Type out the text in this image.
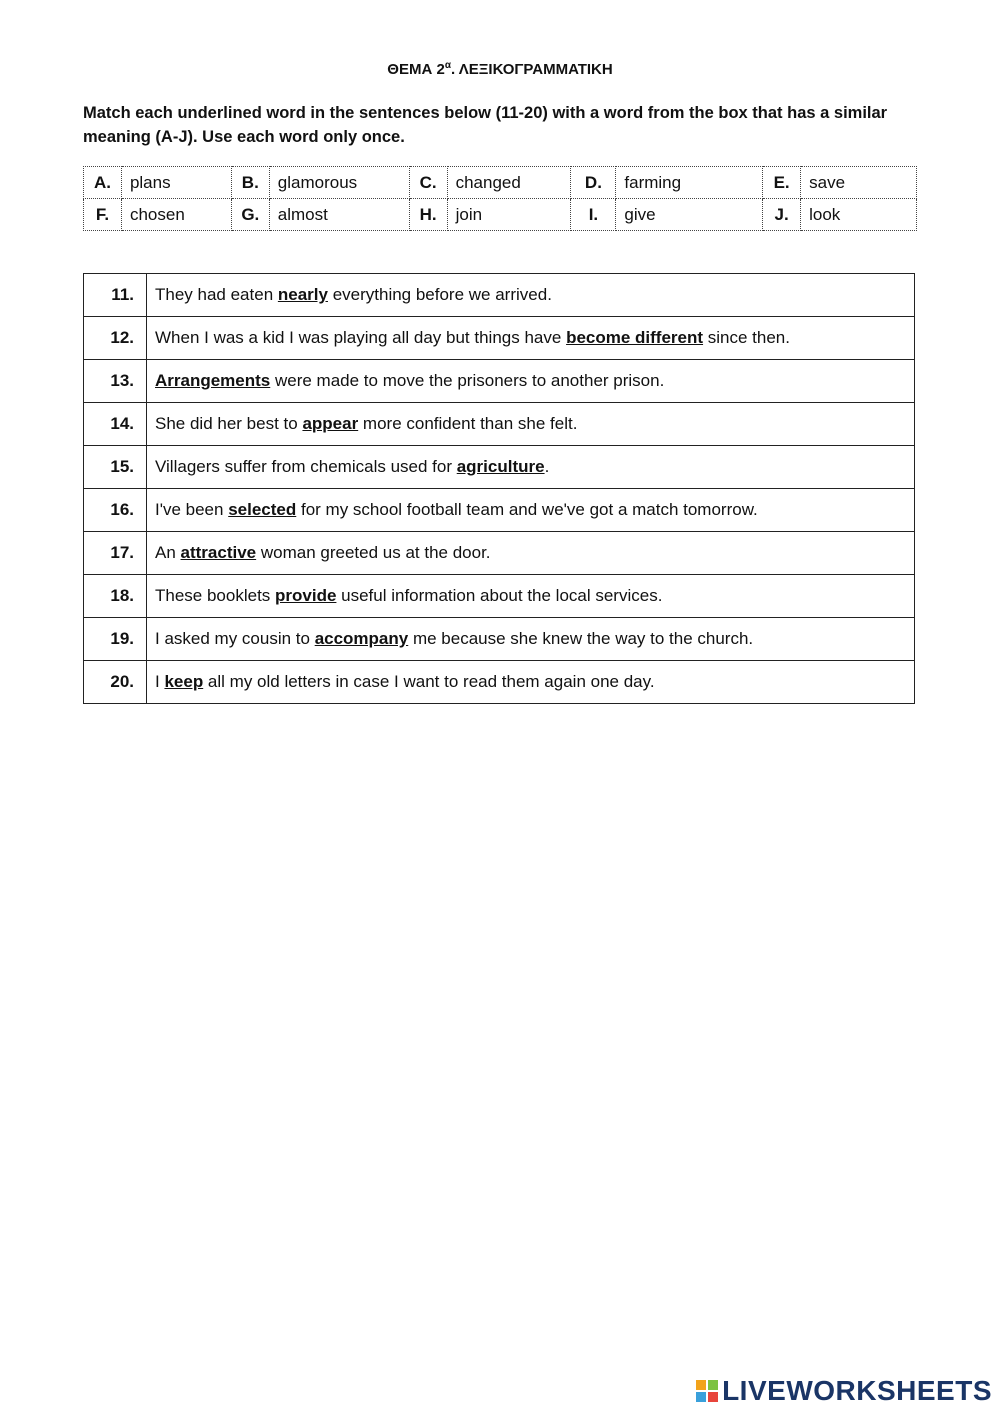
ΘΕΜΑ $2^\alpha$. ΛΕΞΙΚΟΓΡΑΜΜΑΤΙΚΗ
Match each underlined word in the sentences below (11-20) with a word from the box that has a similar meaning (A-J). Use each word only once.
A.	plans	B.	glamorous	C.	changed	D.	farming	E.	save
F.	chosen	G.	almost	H.	join	I.	give	J.	look
11.	They had eaten nearly everything before we arrived.
12.	When I was a kid I was playing all day but things have become different since then.
13.	Arrangements were made to move the prisoners to another prison.
14.	She did her best to appear more confident than she felt.
15.	Villagers suffer from chemicals used for agriculture.
16.	I've been selected for my school football team and we've got a match tomorrow.
17.	An attractive woman greeted us at the door.
18.	These booklets provide useful information about the local services.
19.	I asked my cousin to accompany me because she knew the way to the church.
20.	I keep all my old letters in case I want to read them again one day.
LIVEWORKSHEETS
